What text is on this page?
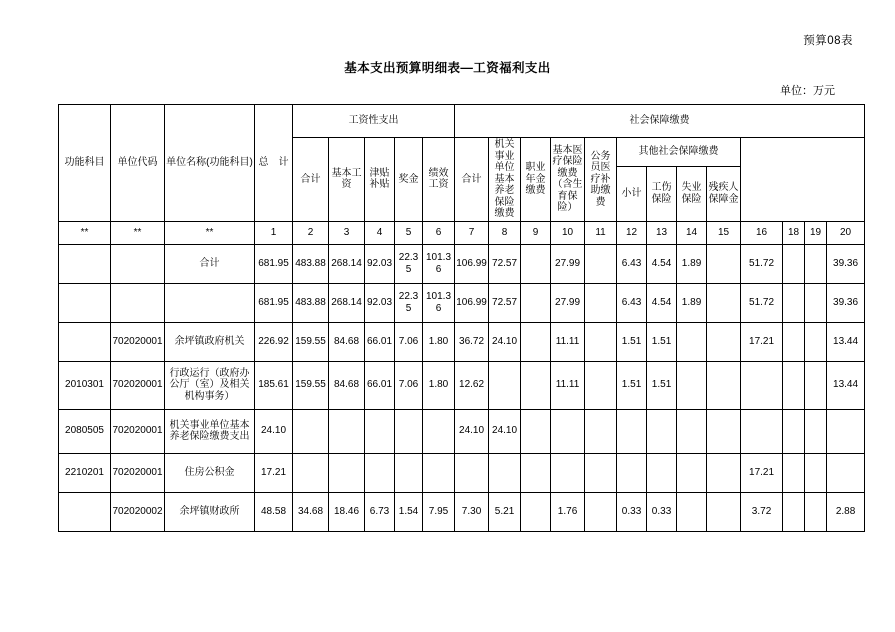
预算08表
基本支出预算明细表—工资福利支出
单位：万元
功能科目	单位代码	单位名称(功能科目)	总　计	工资性支出					社会保障缴费				
				合计	基本工资	津贴补贴	奖金	绩效工资	合计	机关事业单位基本养老保险缴费	职业年金缴费	基本医疗保险缴费（含生育保险）	公务员医疗补助缴费	其他社会保障缴费								
														小计	工伤保险	失业保险	残疾人保障金					
**	**	**	1	2	3	4	5	6	7	8	9	10	11	12	13	14	15	16	18	19	20	
		合计	681.95	483.88	268.14	92.03	22.35	101.36	106.99	72.57		27.99		6.43	4.54	1.89		51.72			39.36	
			681.95	483.88	268.14	92.03	22.35	101.36	106.99	72.57		27.99		6.43	4.54	1.89		51.72			39.36	
	702020001	余坪镇政府机关	226.92	159.55	84.68	66.01	7.06	1.80	36.72	24.10		11.11		1.51	1.51			17.21			13.44	
2010301	702020001	行政运行（政府办公厅（室）及相关机构事务）	185.61	159.55	84.68	66.01	7.06	1.80	12.62			11.11		1.51	1.51						13.44	
2080505	702020001	机关事业单位基本养老保险缴费支出	24.10						24.10	24.10												
2210201	702020001	住房公积金	17.21															17.21				
	702020002	余坪镇财政所	48.58	34.68	18.46	6.73	1.54	7.95	7.30	5.21		1.76		0.33	0.33			3.72			2.88	
